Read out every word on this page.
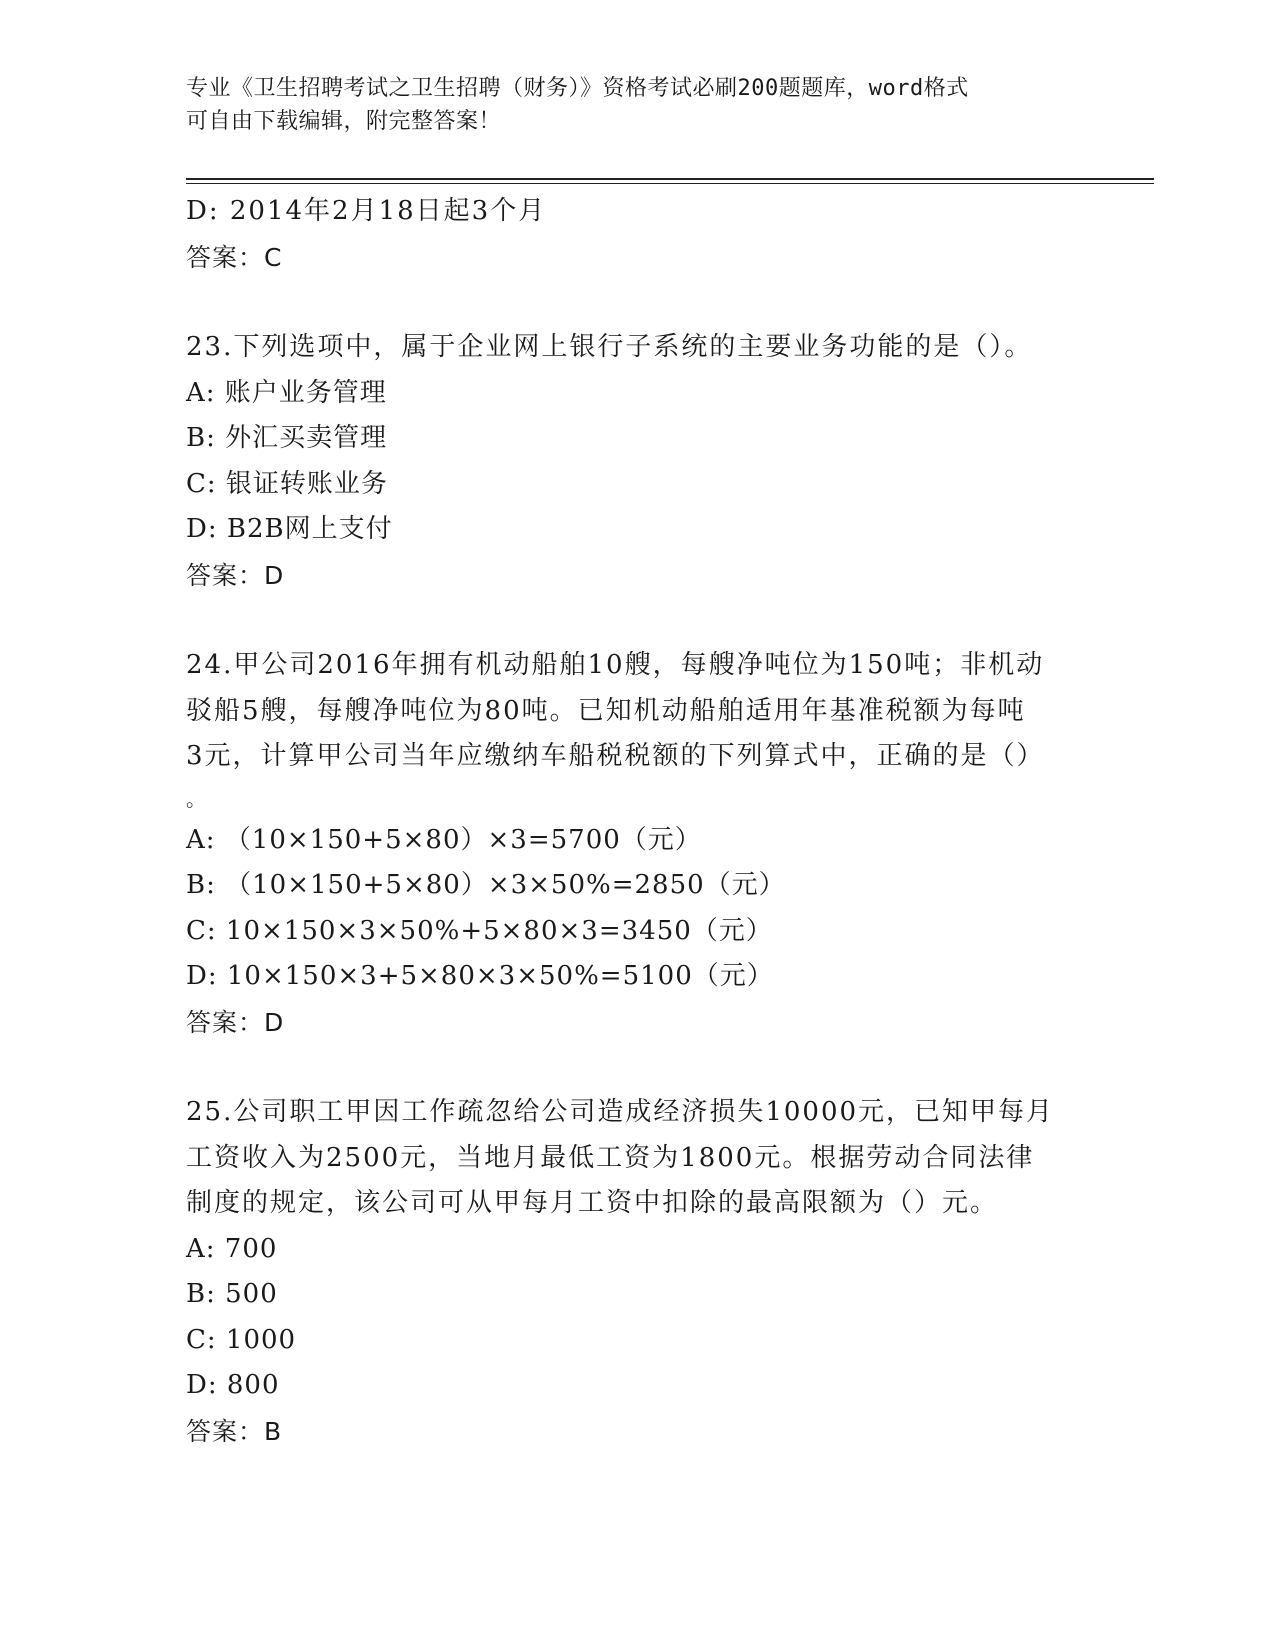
专业《卫生招聘考试之卫生招聘（财务）》资格考试必刷200题题库，word格式
可自由下载编辑，附完整答案！
D: 2014年2月18日起3个月
答案：C
23.下列选项中，属于企业网上银行子系统的主要业务功能的是（）。
A: 账户业务管理
B: 外汇买卖管理
C: 银证转账业务
D: B2B网上支付
答案：D
24.甲公司2016年拥有机动船舶10艘，每艘净吨位为150吨；非机动
驳船5艘，每艘净吨位为80吨。已知机动船舶适用年基准税额为每吨
3元，计算甲公司当年应缴纳车船税税额的下列算式中，正确的是（）
。
A: （10×150+5×80）×3=5700（元）
B: （10×150+5×80）×3×50%=2850（元）
C: 10×150×3×50%+5×80×3=3450（元）
D: 10×150×3+5×80×3×50%=5100（元）
答案：D
25.公司职工甲因工作疏忽给公司造成经济损失10000元，已知甲每月
工资收入为2500元，当地月最低工资为1800元。根据劳动合同法律
制度的规定，该公司可从甲每月工资中扣除的最高限额为（）元。
A: 700
B: 500
C: 1000
D: 800
答案：B
